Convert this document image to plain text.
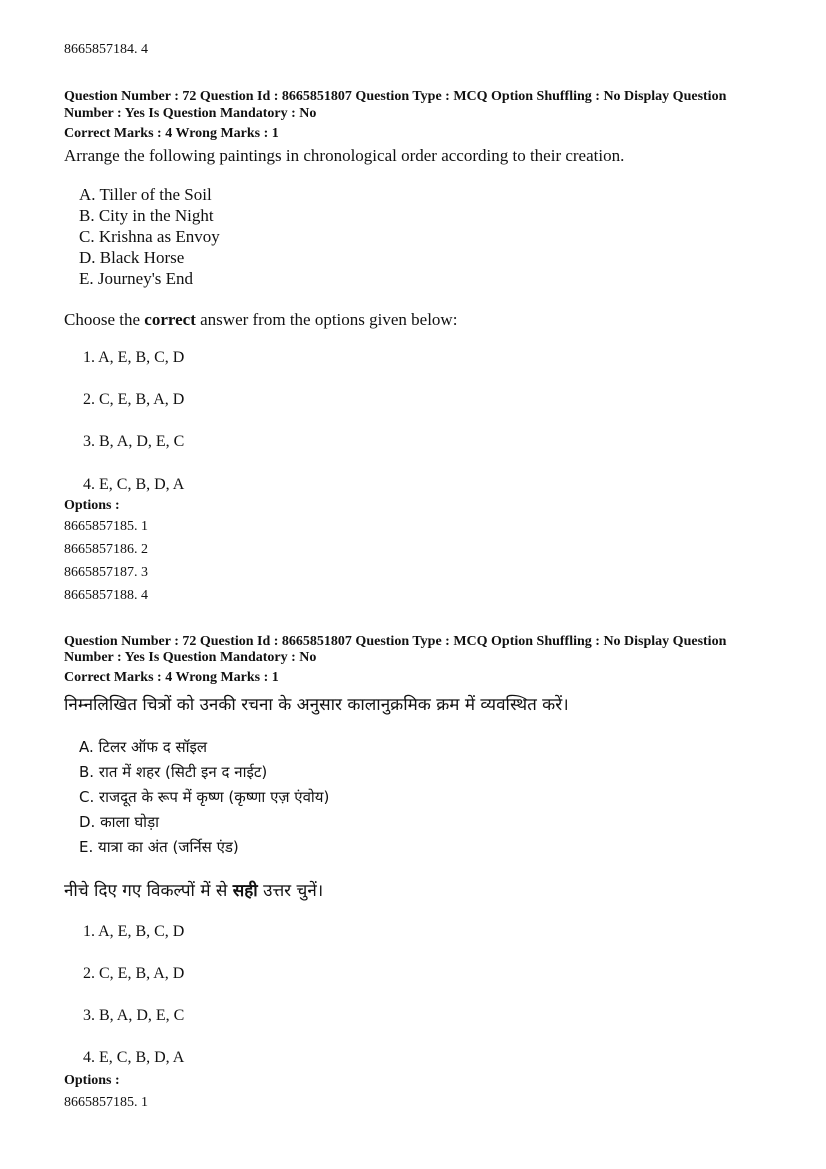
8665857184. 4
Question Number : 72 Question Id : 8665851807 Question Type : MCQ Option Shuffling : No Display Question
Number : Yes Is Question Mandatory : No
Correct Marks : 4 Wrong Marks : 1
Arrange the following paintings in chronological order according to their creation.
A. Tiller of the Soil
B. City in the Night
C. Krishna as Envoy
D. Black Horse
E. Journey's End
Choose the correct answer from the options given below:
1. A, E, B, C, D
2. C, E, B, A, D
3. B, A, D, E, C
4. E, C, B, D, A
Options :
8665857185. 1
8665857186. 2
8665857187. 3
8665857188. 4
Question Number : 72 Question Id : 8665851807 Question Type : MCQ Option Shuffling : No Display Question
Number : Yes Is Question Mandatory : No
Correct Marks : 4 Wrong Marks : 1
निम्नलिखित चित्रों को उनकी रचना के अनुसार कालानुक्रमिक क्रम में व्यवस्थित करें।
A. टिलर ऑफ द सॉइल
B. रात में शहर (सिटी इन द नाईट)
C. राजदूत के रूप में कृष्ण (कृष्णा एज़ एंवोय)
D. काला घोड़ा
E. यात्रा का अंत (जर्निस एंड)
नीचे दिए गए विकल्पों में से सही उत्तर चुनें।
1. A, E, B, C, D
2. C, E, B, A, D
3. B, A, D, E, C
4. E, C, B, D, A
Options :
8665857185. 1
